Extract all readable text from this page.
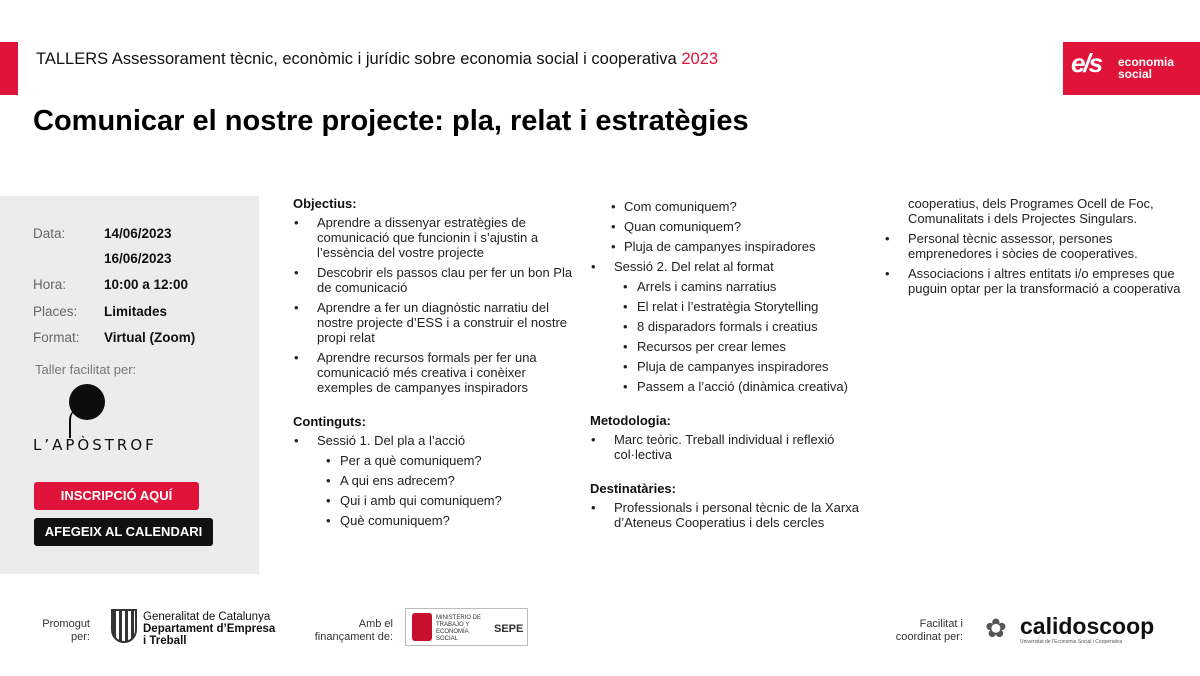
TALLERS Assessorament tècnic, econòmic i jurídic sobre economia social i cooperativa 2023	e/s economia
social
Comunicar el nostre projecte: pla, relat i estratègies
Data:	14/06/2023
16/06/2023
Hora:	10:00 a 12:00
Places:	Limitades
Format:	Virtual (Zoom)
Taller facilitat per:
L’APÒSTROF
INSCRIPCIÓ AQUÍ
AFEGEIX AL CALENDARI
Objectius:
• Aprendre a dissenyar estratègies de comunicació que funcionin i s’ajustin a l’essència del vostre projecte
• Descobrir els passos clau per fer un bon Pla de comunicació
• Aprendre a fer un diagnòstic narratiu del nostre projecte d’ESS i a construir el nostre propi relat
• Aprendre recursos formals per fer una comunicació més creativa i conèixer exemples de campanyes inspiradors
Continguts:
• Sessió 1. Del pla a l’acció
• Per a què comuniquem?
• A qui ens adrecem?
• Qui i amb qui comuniquem?
• Què comuniquem?
• Com comuniquem?
• Quan comuniquem?
• Pluja de campanyes inspiradores
• Sessió 2. Del relat al format
• Arrels i camins narratius
• El relat i l’estratègia Storytelling
• 8 disparadors formals i creatius
• Recursos per crear lemes
• Pluja de campanyes inspiradores
• Passem a l’acció (dinàmica creativa)
Metodologia:
• Marc teòric. Treball individual i reflexió col·lectiva
Destinatàries:
• Professionals i personal tècnic de la Xarxa d’Ateneus Cooperatius i dels cercles
cooperatius, dels Programes Ocell de Foc, Comunalitats i dels Projectes Singulars.
• Personal tècnic assessor, persones emprenedores i sòcies de cooperatives.
• Associacions i altres entitats i/o empreses que puguin optar per la transformació a cooperativa
Promogut
per:
Generalitat de Catalunya
Departament d’Empresa
i Treball
Amb el
finançament de:
MINISTERIO DE TRABAJO Y ECONOMÍA SOCIAL
SEPE	Facilitat i
coordinat per: ✿ calidoscoop
Universitat de l’Economia Social i Cooperativa
